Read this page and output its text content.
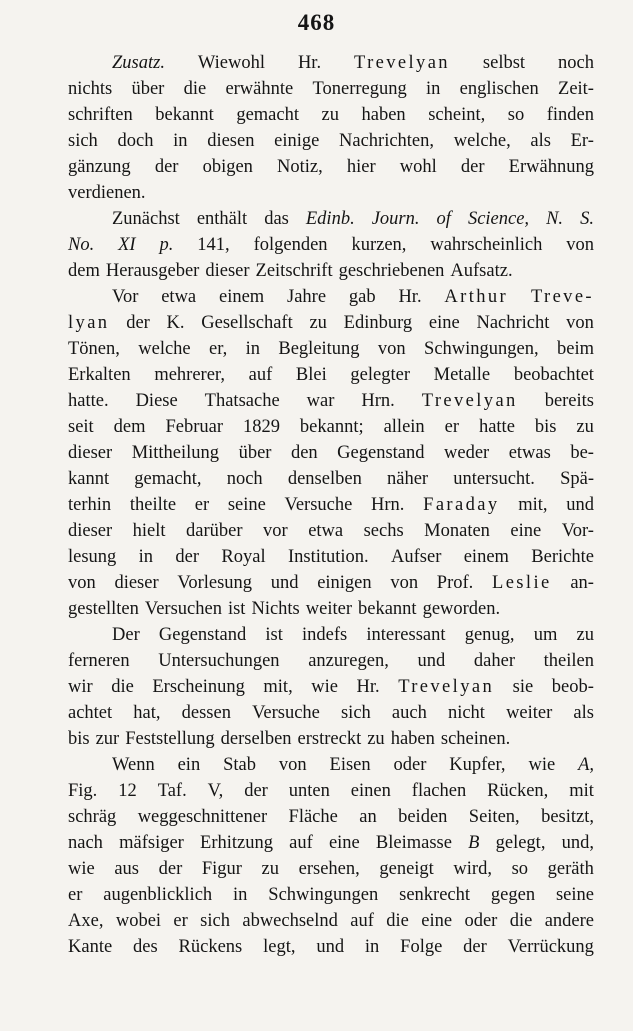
468
Zusatz. Wiewohl Hr. Trevelyan selbst noch
nichts über die erwähnte Tonerregung in englischen Zeit-
schriften bekannt gemacht zu haben scheint, so finden
sich doch in diesen einige Nachrichten, welche, als Er-
gänzung der obigen Notiz, hier wohl der Erwähnung
verdienen.
Zunächst enthält das Edinb. Journ. of Science, N. S.
No. XI p. 141, folgenden kurzen, wahrscheinlich von
dem Herausgeber dieser Zeitschrift geschriebenen Aufsatz.
Vor etwa einem Jahre gab Hr. Arthur Treve-
lyan der K. Gesellschaft zu Edinburg eine Nachricht von
Tönen, welche er, in Begleitung von Schwingungen, beim
Erkalten mehrerer, auf Blei gelegter Metalle beobachtet
hatte. Diese Thatsache war Hrn. Trevelyan bereits
seit dem Februar 1829 bekannt; allein er hatte bis zu
dieser Mittheilung über den Gegenstand weder etwas be-
kannt gemacht, noch denselben näher untersucht. Spä-
terhin theilte er seine Versuche Hrn. Faraday mit, und
dieser hielt darüber vor etwa sechs Monaten eine Vor-
lesung in der Royal Institution. Aufser einem Berichte
von dieser Vorlesung und einigen von Prof. Leslie an-
gestellten Versuchen ist Nichts weiter bekannt geworden.
Der Gegenstand ist indefs interessant genug, um zu
ferneren Untersuchungen anzuregen, und daher theilen
wir die Erscheinung mit, wie Hr. Trevelyan sie beob-
achtet hat, dessen Versuche sich auch nicht weiter als
bis zur Feststellung derselben erstreckt zu haben scheinen.
Wenn ein Stab von Eisen oder Kupfer, wie A,
Fig. 12 Taf. V, der unten einen flachen Rücken, mit
schräg weggeschnittener Fläche an beiden Seiten, besitzt,
nach mäfsiger Erhitzung auf eine Bleimasse B gelegt, und,
wie aus der Figur zu ersehen, geneigt wird, so geräth
er augenblicklich in Schwingungen senkrecht gegen seine
Axe, wobei er sich abwechselnd auf die eine oder die andere
Kante des Rückens legt, und in Folge der Verrückung
